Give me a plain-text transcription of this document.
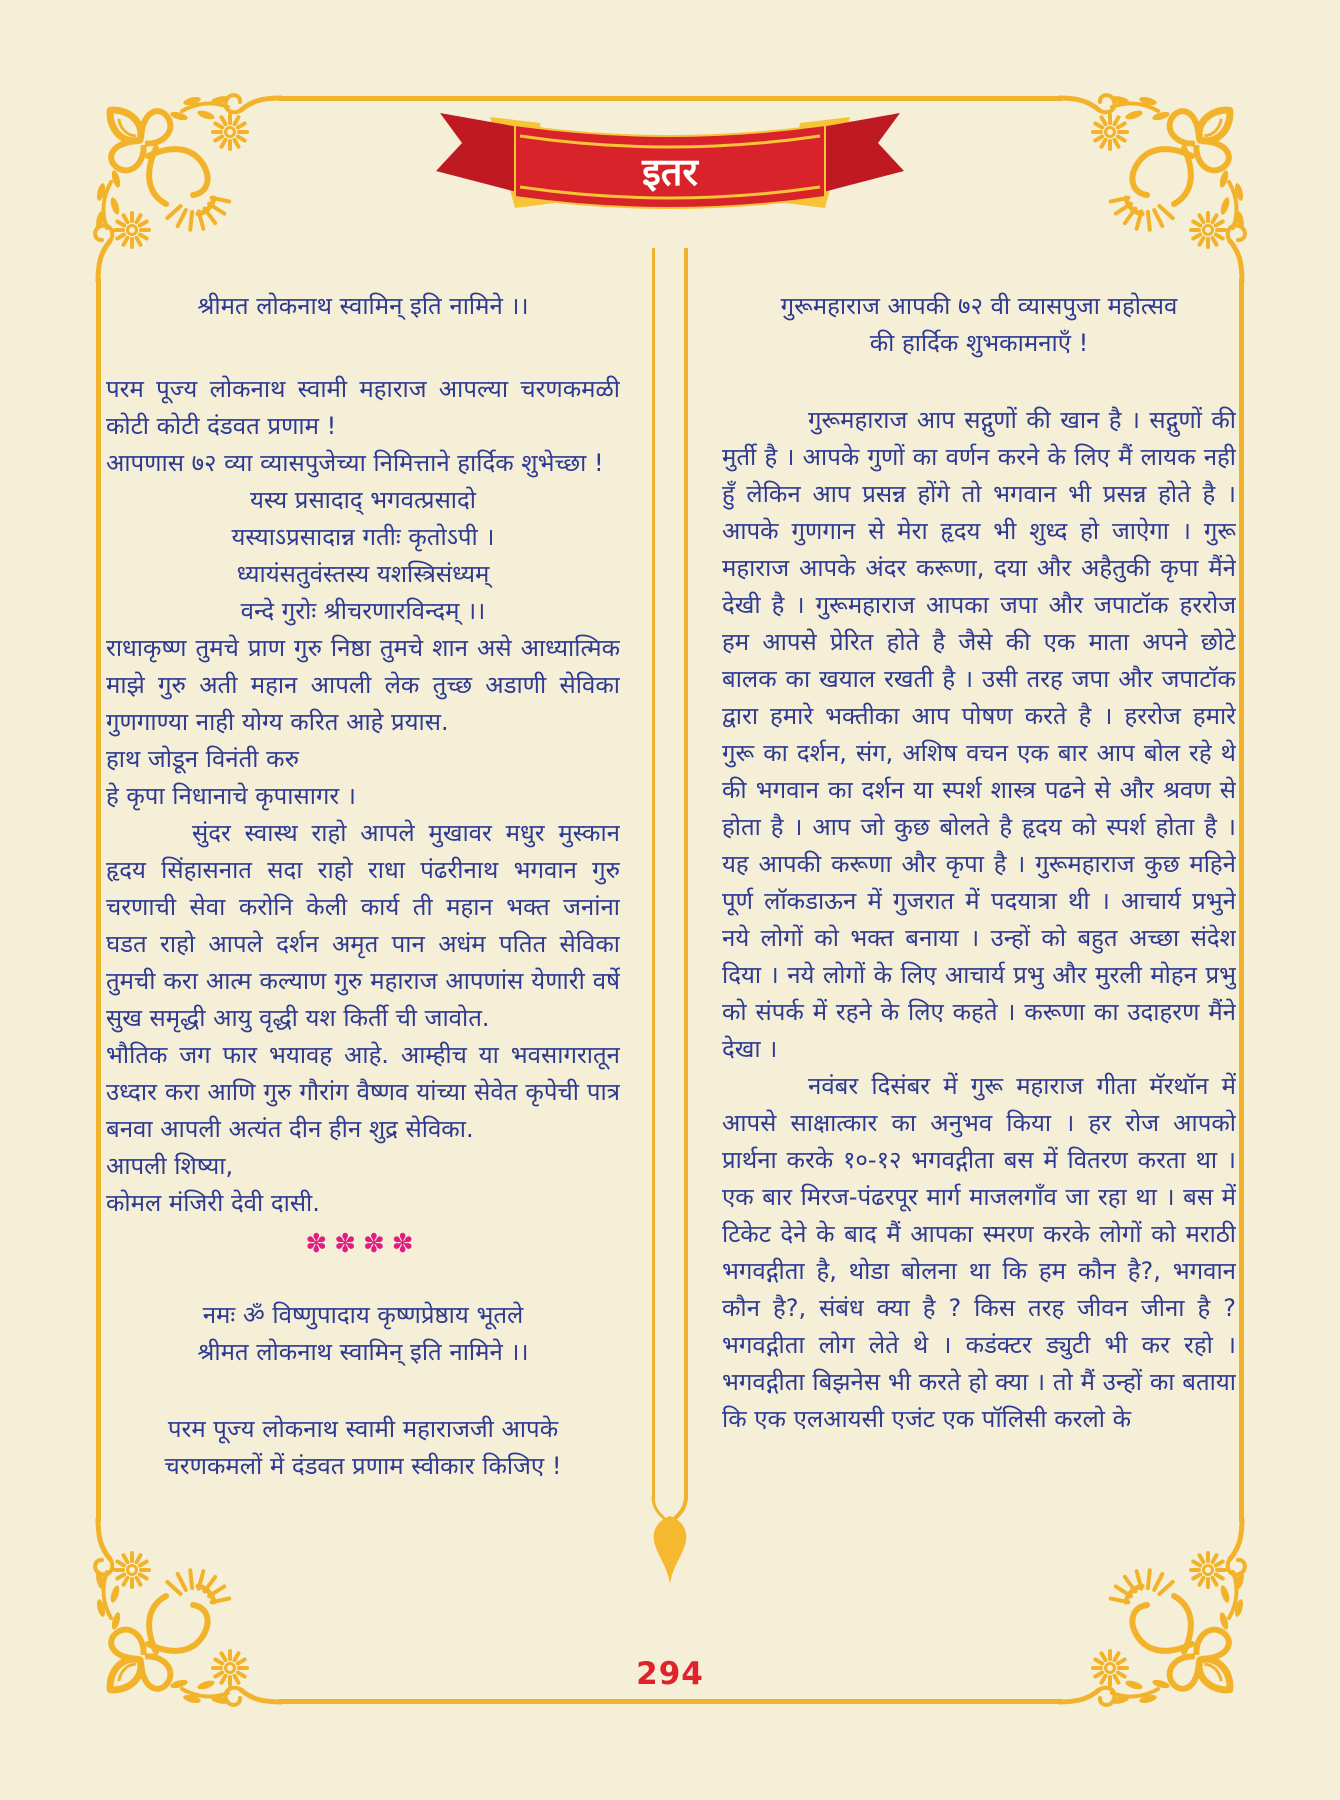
इतर

श्रीमत लोकनाथ स्वामिन् इति नामिने ।।

परम पूज्य लोकनाथ स्वामी महाराज आपल्या चरणकमळी कोटी कोटी दंडवत प्रणाम !

आपणास ७२ व्या व्यासपुजेच्या निमित्ताने हार्दिक शुभेच्छा !

यस्य प्रसादाद् भगवत्प्रसादो

यस्याऽप्रसादान्न गतीः कृतोऽपी ।

ध्यायंसतुवंस्तस्य यशस्त्रिसंध्यम्

वन्दे गुरोः श्रीचरणारविन्दम् ।।

राधाकृष्ण तुमचे प्राण गुरु निष्ठा तुमचे शान असे आध्यात्मिक माझे गुरु अती महान आपली लेक तुच्छ अडाणी सेविका गुणगाण्या नाही योग्य करित आहे प्रयास.

हाथ जोडून विनंती करु

हे कृपा निधानाचे कृपासागर ।

सुंदर स्वास्थ राहो आपले मुखावर मधुर मुस्कान हृदय सिंहासनात सदा राहो राधा पंढरीनाथ भगवान गुरु चरणाची सेवा करोनि केली कार्य ती महान भक्त जनांना घडत राहो आपले दर्शन अमृत पान अधंम पतित सेविका तुमची करा आत्म कल्याण गुरु महाराज आपणांस येणारी वर्षे सुख समृद्धी आयु वृद्धी यश किर्ती ची जावोत.

भौतिक जग फार भयावह आहे. आम्हीच या भवसागरातून उध्दार करा आणि गुरु गौरांग वैष्णव यांच्या सेवेत कृपेची पात्र बनवा आपली अत्यंत दीन हीन शुद्र सेविका.

आपली शिष्या,

कोमल मंजिरी देवी दासी.

✽✽✽✽

नमः ॐ विष्णुपादाय कृष्णप्रेष्ठाय भूतले

श्रीमत लोकनाथ स्वामिन् इति नामिने ।।

परम पूज्य लोकनाथ स्वामी महाराजजी आपके

चरणकमलों में दंडवत प्रणाम स्वीकार किजिए !

गुरूमहाराज आपकी ७२ वी व्यासपुजा महोत्सव

की हार्दिक शुभकामनाएँ !

गुरूमहाराज आप सद्गुणों की खान है । सद्गुणों की मुर्ती है । आपके गुणों का वर्णन करने के लिए मैं लायक नही हुँ लेकिन आप प्रसन्न होंगे तो भगवान भी प्रसन्न होते है । आपके गुणगान से मेरा हृदय भी शुध्द हो जाऐगा । गुरू महाराज आपके अंदर करूणा, दया और अहैतुकी कृपा मैंने देखी है । गुरूमहाराज आपका जपा और जपाटॉक हररोज हम आपसे प्रेरित होते है जैसे की एक माता अपने छोटे बालक का खयाल रखती है । उसी तरह जपा और जपाटॉक द्वारा हमारे भक्तीका आप पोषण करते है । हररोज हमारे गुरू का दर्शन, संग, अशिष वचन एक बार आप बोल रहे थे की भगवान का दर्शन या स्पर्श शास्त्र पढने से और श्रवण से होता है । आप जो कुछ बोलते है हृदय को स्पर्श होता है । यह आपकी करूणा और कृपा है । गुरूमहाराज कुछ महिने पूर्ण लॉकडाऊन में गुजरात में पदयात्रा थी । आचार्य प्रभुने नये लोगों को भक्त बनाया । उन्हों को बहुत अच्छा संदेश दिया । नये लोगों के लिए आचार्य प्रभु और मुरली मोहन प्रभु को संपर्क में रहने के लिए कहते । करूणा का उदाहरण मैंने देखा ।

नवंबर दिसंबर में गुरू महाराज गीता मॅरथॉन में आपसे साक्षात्कार का अनुभव किया । हर रोज आपको प्रार्थना करके १०-१२ भगवद्गीता बस में वितरण करता था । एक बार मिरज-पंढरपूर मार्ग माजलगाँव जा रहा था । बस में टिकेट देने के बाद मैं आपका स्मरण करके लोगों को मराठी भगवद्गीता है, थोडा बोलना था कि हम कौन है?, भगवान कौन है?, संबंध क्या है ? किस तरह जीवन जीना है ? भगवद्गीता लोग लेते थे । कडंक्टर ड्युटी भी कर रहो । भगवद्गीता बिझनेस भी करते हो क्या । तो मैं उन्हों का बताया कि एक एलआयसी एजंट एक पॉलिसी करलो के

294
